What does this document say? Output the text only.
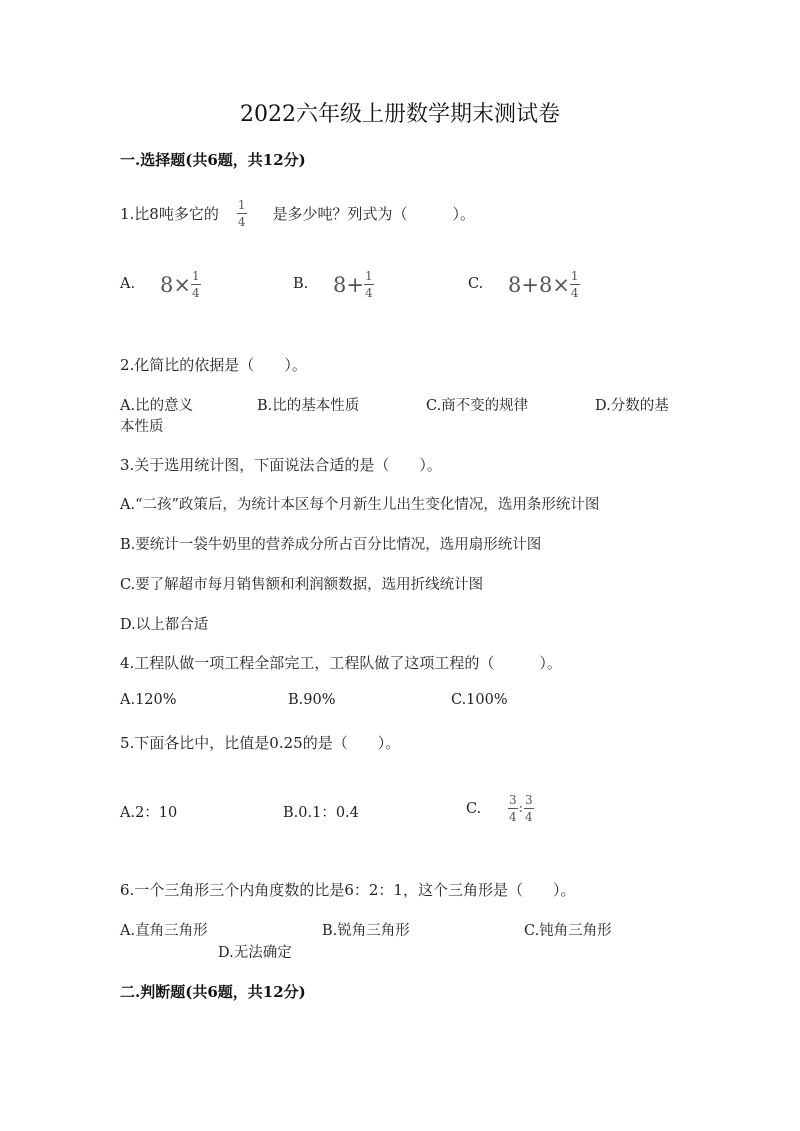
2022六年级上册数学期末测试卷
一.选择题(共6题，共12分)
1.比8吨多它的 $\frac{1}{4}$ 是多少吨？列式为（　　　）。
A. $8\times \frac{1}{4}$	B. $8+ \frac{1}{4}$	C. $8+8\times \frac{1}{4}$
2.化简比的依据是（　　）。
A.比的意义	B.比的基本性质	C.商不变的规律	D.分数的基
本性质
3.关于选用统计图，下面说法合适的是（　　）。
A.“二孩”政策后，为统计本区每个月新生儿出生变化情况，选用条形统计图
B.要统计一袋牛奶里的营养成分所占百分比情况，选用扇形统计图
C.要了解超市每月销售额和利润额数据，选用折线统计图
D.以上都合适
4.工程队做一项工程全部完工，工程队做了这项工程的（　　　）。
A.120%	B.90%	C.100%
5.下面各比中，比值是0.25的是（　　）。
A.2：10	B.0.1：0.4	C. $\frac{3}{4}$ : $\frac{3}{4}$
6.一个三角形三个内角度数的比是6：2：1，这个三角形是（　　）。
A.直角三角形	B.锐角三角形	C.钝角三角形
D.无法确定
二.判断题(共6题，共12分)
